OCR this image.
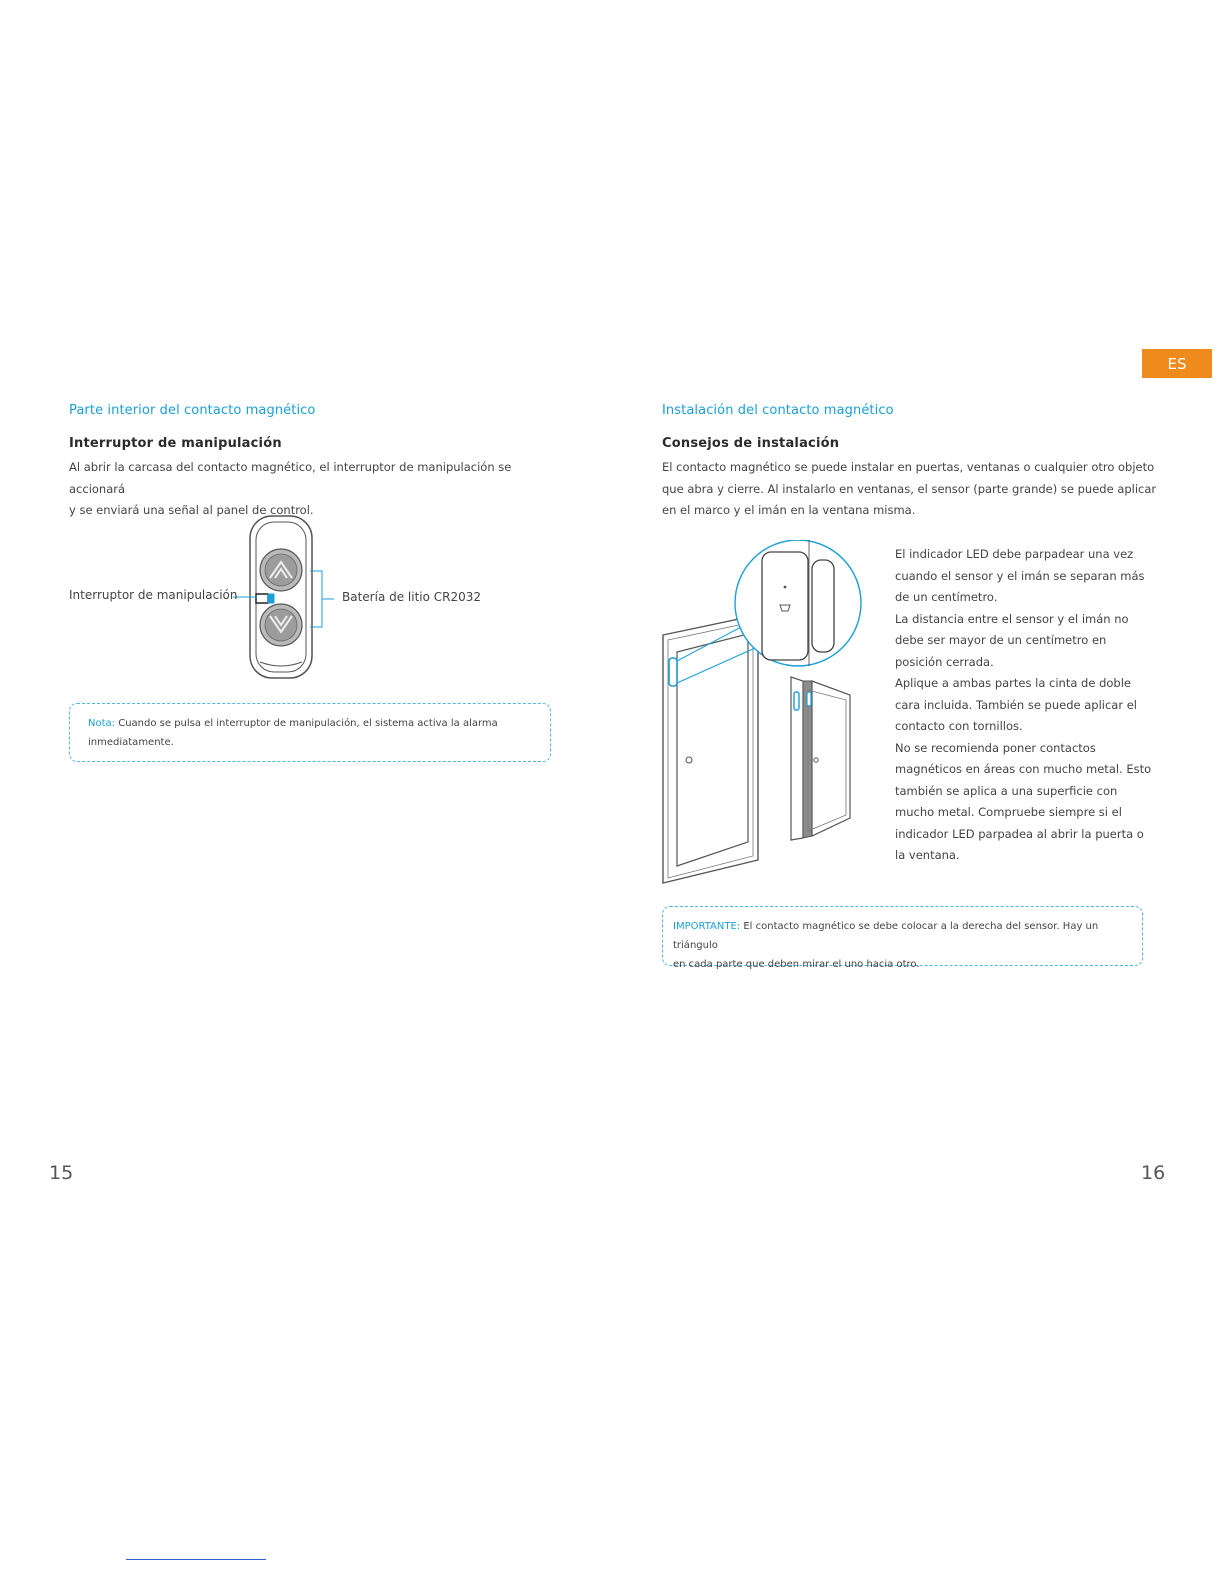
Parte interior del contacto magnético
Interruptor de manipulación
Al abrir la carcasa del contacto magnético, el interruptor de manipulación se accionará
y se enviará una señal al panel de control.
Interruptor de manipulación	Batería de litio CR2032
Nota: Cuando se pulsa el interruptor de manipulación, el sistema activa la alarma
inmediatamente.
15
ES
Instalación del contacto magnético
Consejos de instalación
El contacto magnético se puede instalar en puertas, ventanas o cualquier otro objeto
que abra y cierre. Al instalarlo en ventanas, el sensor (parte grande) se puede aplicar
en el marco y el imán en la ventana misma.
El indicador LED debe parpadear una vez
cuando el sensor y el imán se separan más
de un centímetro.
La distancia entre el sensor y el imán no
debe ser mayor de un centímetro en
posición cerrada.
Aplique a ambas partes la cinta de doble
cara incluida. También se puede aplicar el
contacto con tornillos.
No se recomienda poner contactos
magnéticos en áreas con mucho metal. Esto
también se aplica a una superficie con
mucho metal. Compruebe siempre si el
indicador LED parpadea al abrir la puerta o
la ventana.
IMPORTANTE: El contacto magnético se debe colocar a la derecha del sensor. Hay un triángulo
en cada parte que deben mirar el uno hacia otro.
16
